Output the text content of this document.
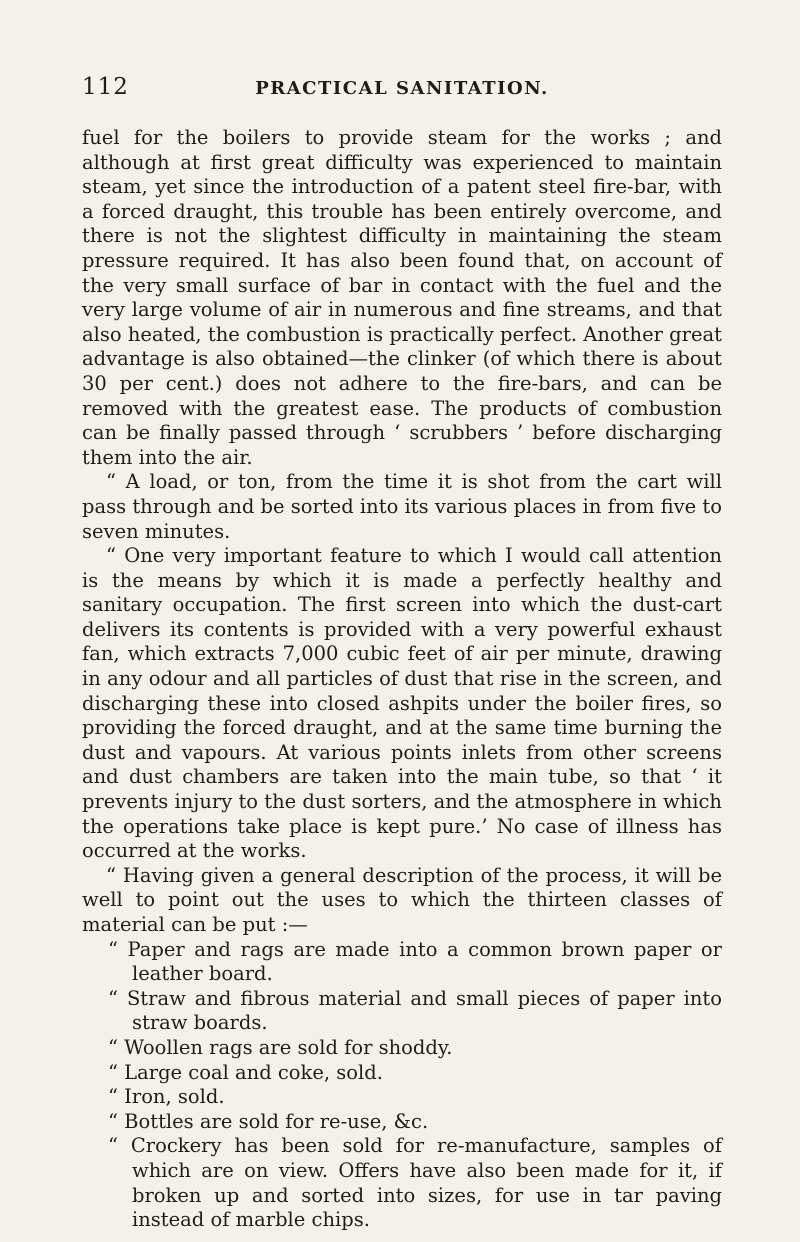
112	PRACTICAL SANITATION.

fuel for the boilers to provide steam for the works ; and although at first great difficulty was experienced to maintain steam, yet since the introduction of a patent steel fire-bar, with a forced draught, this trouble has been entirely overcome, and there is not the slightest difficulty in maintaining the steam pressure required. It has also been found that, on account of the very small surface of bar in contact with the fuel and the very large volume of air in numerous and fine streams, and that also heated, the combustion is practically perfect. Another great advantage is also obtained—the clinker (of which there is about 30 per cent.) does not adhere to the fire-bars, and can be removed with the greatest ease. The products of combustion can be finally passed through ‘ scrubbers ’ before discharging them into the air.

“ A load, or ton, from the time it is shot from the cart will pass through and be sorted into its various places in from five to seven minutes.

“ One very important feature to which I would call attention is the means by which it is made a perfectly healthy and sanitary occupation. The first screen into which the dust-cart delivers its contents is provided with a very powerful exhaust fan, which extracts 7,000 cubic feet of air per minute, drawing in any odour and all particles of dust that rise in the screen, and discharging these into closed ashpits under the boiler fires, so providing the forced draught, and at the same time burning the dust and vapours. At various points inlets from other screens and dust chambers are taken into the main tube, so that ‘ it prevents injury to the dust sorters, and the atmosphere in which the operations take place is kept pure.’ No case of illness has occurred at the works.

“ Having given a general description of the process, it will be well to point out the uses to which the thirteen classes of material can be put :—

“ Paper and rags are made into a common brown paper or leather board.

“ Straw and fibrous material and small pieces of paper into straw boards.

“ Woollen rags are sold for shoddy.

“ Large coal and coke, sold.

“ Iron, sold.

“ Bottles are sold for re-use, &c.

“ Crockery has been sold for re-manufacture, samples of which are on view. Offers have also been made for it, if broken up and sorted into sizes, for use in tar paving instead of marble chips.
